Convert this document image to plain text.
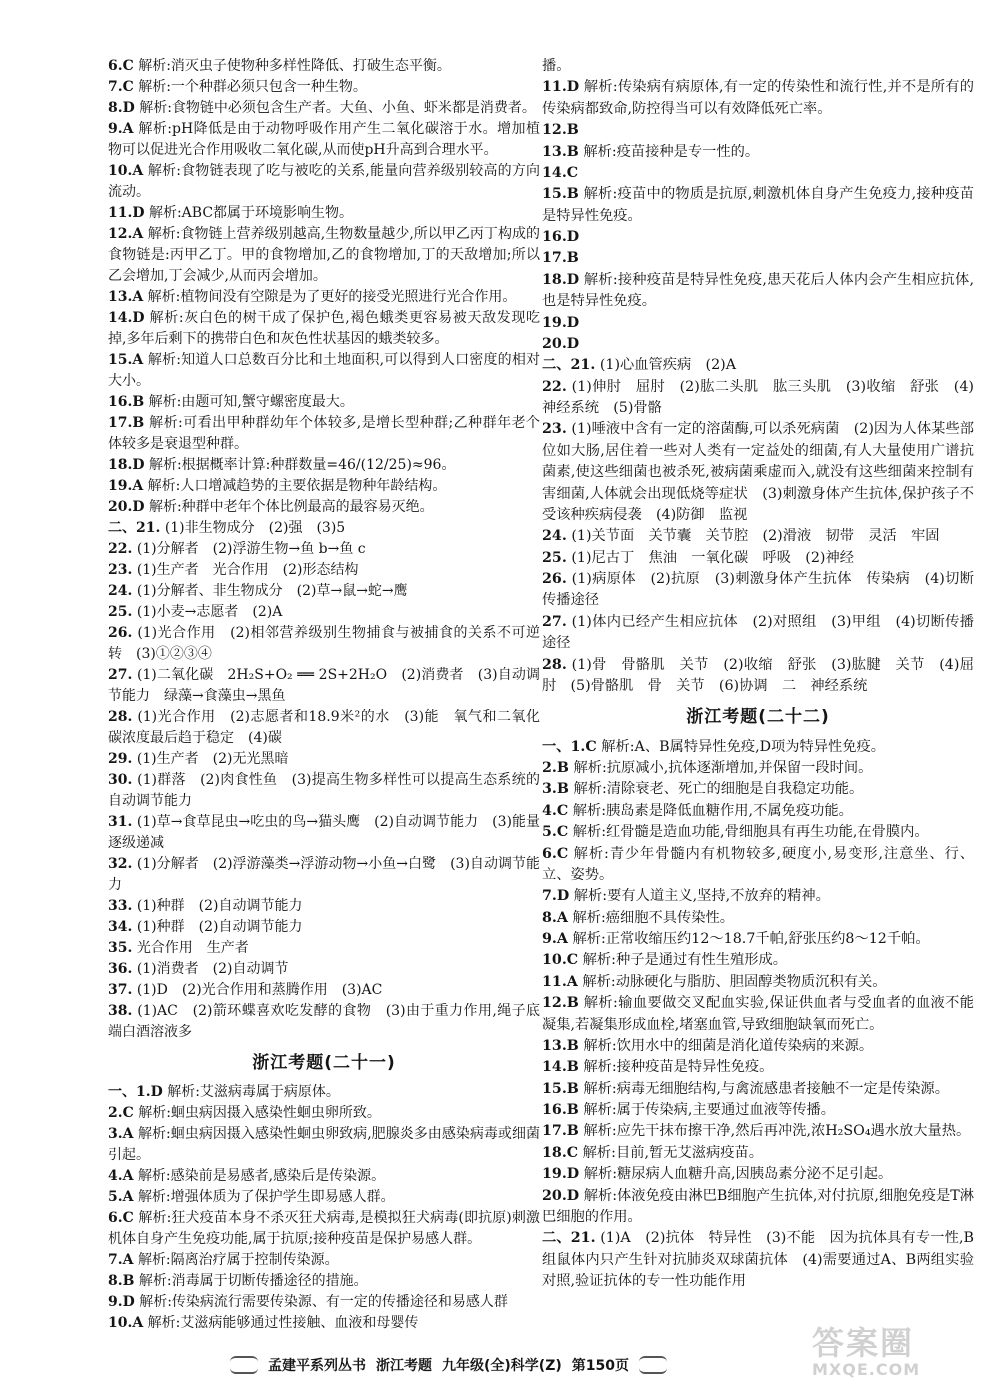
6.C 解析:消灭虫子使物种多样性降低、打破生态平衡。

7.C 解析:一个种群必须只包含一种生物。

8.D 解析:食物链中必须包含生产者。大鱼、小鱼、虾米都是消费者。

9.A 解析:pH降低是由于动物呼吸作用产生二氧化碳溶于水。增加植物可以促进光合作用吸收二氧化碳,从而使pH升高到合理水平。

10.A 解析:食物链表现了吃与被吃的关系,能量向营养级别较高的方向流动。

11.D 解析:ABC都属于环境影响生物。

12.A 解析:食物链上营养级别越高,生物数量越少,所以甲乙丙丁构成的食物链是:丙甲乙丁。甲的食物增加,乙的食物增加,丁的天敌增加;所以乙会增加,丁会减少,从而丙会增加。

13.A 解析:植物间没有空隙是为了更好的接受光照进行光合作用。

14.D 解析:灰白色的树干成了保护色,褐色蛾类更容易被天敌发现吃掉,多年后剩下的携带白色和灰色性状基因的蛾类较多。

15.A 解析:知道人口总数百分比和土地面积,可以得到人口密度的相对大小。

16.B 解析:由题可知,蟹守螺密度最大。

17.B 解析:可看出甲种群幼年个体较多,是增长型种群;乙种群年老个体较多是衰退型种群。

18.D 解析:根据概率计算:种群数量=46/(12/25)≈96。

19.A 解析:人口增减趋势的主要依据是物种年龄结构。

20.D 解析:种群中老年个体比例最高的最容易灭绝。

二、21. (1)非生物成分　(2)强　(3)5

22. (1)分解者　(2)浮游生物→鱼 b→鱼 c

23. (1)生产者　光合作用　(2)形态结构

24. (1)分解者、非生物成分　(2)草→鼠→蛇→鹰

25. (1)小麦→志愿者　(2)A

26. (1)光合作用　(2)相邻营养级别生物捕食与被捕食的关系不可逆转　(3)①②③④

27. (1)二氧化碳　2H₂S+O₂ ══ 2S+2H₂O　(2)消费者　(3)自动调节能力　绿藻→食藻虫→黑鱼

28. (1)光合作用　(2)志愿者和18.9米²的水　(3)能　氧气和二氧化碳浓度最后趋于稳定　(4)碳

29. (1)生产者　(2)无光黑暗

30. (1)群落　(2)肉食性鱼　(3)提高生物多样性可以提高生态系统的自动调节能力

31. (1)草→食草昆虫→吃虫的鸟→猫头鹰　(2)自动调节能力　(3)能量逐级递减

32. (1)分解者　(2)浮游藻类→浮游动物→小鱼→白鹭　(3)自动调节能力

33. (1)种群　(2)自动调节能力

34. (1)种群　(2)自动调节能力

35. 光合作用　生产者

36. (1)消费者　(2)自动调节

37. (1)D　(2)光合作用和蒸腾作用　(3)AC

38. (1)AC　(2)箭环蝶喜欢吃发酵的食物　(3)由于重力作用,绳子底端白酒溶液多

浙江考题(二十一)

一、1.D 解析:艾滋病毒属于病原体。

2.C 解析:蛔虫病因摄入感染性蛔虫卵所致。

3.A 解析:蛔虫病因摄入感染性蛔虫卵致病,肥腺炎多由感染病毒或细菌引起。

4.A 解析:感染前是易感者,感染后是传染源。

5.A 解析:增强体质为了保护学生即易感人群。

6.C 解析:狂犬疫苗本身不杀灭狂犬病毒,是模拟狂犬病毒(即抗原)刺激机体自身产生免疫功能,属于抗原;接种疫苗是保护易感人群。

7.A 解析:隔离治疗属于控制传染源。

8.B 解析:消毒属于切断传播途径的措施。

9.D 解析:传染病流行需要传染源、有一定的传播途径和易感人群

10.A 解析:艾滋病能够通过性接触、血液和母婴传

播。

11.D 解析:传染病有病原体,有一定的传染性和流行性,并不是所有的传染病都致命,防控得当可以有效降低死亡率。

12.B

13.B 解析:疫苗接种是专一性的。

14.C

15.B 解析:疫苗中的物质是抗原,刺激机体自身产生免疫力,接种疫苗是特异性免疫。

16.D

17.B

18.D 解析:接种疫苗是特异性免疫,患天花后人体内会产生相应抗体,也是特异性免疫。

19.D

20.D

二、21. (1)心血管疾病　(2)A

22. (1)伸肘　屈肘　(2)肱二头肌　肱三头肌　(3)收缩　舒张　(4)神经系统　(5)骨骼

23. (1)唾液中含有一定的溶菌酶,可以杀死病菌　(2)因为人体某些部位如大肠,居住着一些对人类有一定益处的细菌,有人大量使用广谱抗菌素,使这些细菌也被杀死,被病菌乘虚而入,就没有这些细菌来控制有害细菌,人体就会出现低烧等症状　(3)刺激身体产生抗体,保护孩子不受该种疾病侵袭　(4)防御　监视

24. (1)关节面　关节囊　关节腔　(2)滑液　韧带　灵活　牢固

25. (1)尼古丁　焦油　一氧化碳　呼吸　(2)神经

26. (1)病原体　(2)抗原　(3)刺激身体产生抗体　传染病　(4)切断传播途径

27. (1)体内已经产生相应抗体　(2)对照组　(3)甲组　(4)切断传播途径

28. (1)骨　骨骼肌　关节　(2)收缩　舒张　(3)肱腱　关节　(4)屈肘　(5)骨骼肌　骨　关节　(6)协调　二　神经系统

浙江考题(二十二)

一、1.C 解析:A、B属特异性免疫,D项为特异性免疫。

2.B 解析:抗原减小,抗体逐渐增加,并保留一段时间。

3.B 解析:清除衰老、死亡的细胞是自我稳定功能。

4.C 解析:胰岛素是降低血糖作用,不属免疫功能。

5.C 解析:红骨髓是造血功能,骨细胞具有再生功能,在骨膜内。

6.C 解析:青少年骨髓内有机物较多,硬度小,易变形,注意坐、行、立、姿势。

7.D 解析:要有人道主义,坚持,不放弃的精神。

8.A 解析:癌细胞不具传染性。

9.A 解析:正常收缩压约12～18.7千帕,舒张压约8～12千帕。

10.C 解析:种子是通过有性生殖形成。

11.A 解析:动脉硬化与脂肪、胆固醇类物质沉积有关。

12.B 解析:输血要做交叉配血实验,保证供血者与受血者的血液不能凝集,若凝集形成血栓,堵塞血管,导致细胞缺氧而死亡。

13.B 解析:饮用水中的细菌是消化道传染病的来源。

14.B 解析:接种疫苗是特异性免疫。

15.B 解析:病毒无细胞结构,与禽流感患者接触不一定是传染源。

16.B 解析:属于传染病,主要通过血液等传播。

17.B 解析:应先干抹布擦干净,然后再冲洗,浓H₂SO₄遇水放大量热。

18.C 解析:目前,暂无艾滋病疫苗。

19.D 解析:糖尿病人血糖升高,因胰岛素分泌不足引起。

20.D 解析:体液免疫由淋巴B细胞产生抗体,对付抗原,细胞免疫是T淋巴细胞的作用。

二、21. (1)A　(2)抗体　特异性　(3)不能　因为抗体具有专一性,B组鼠体内只产生针对抗肺炎双球菌抗体　(4)需要通过A、B两组实验对照,验证抗体的专一性功能作用

孟建平系列丛书 浙江考题 九年级(全)科学(Z) 第150页
答案圈
MXQE.COM
